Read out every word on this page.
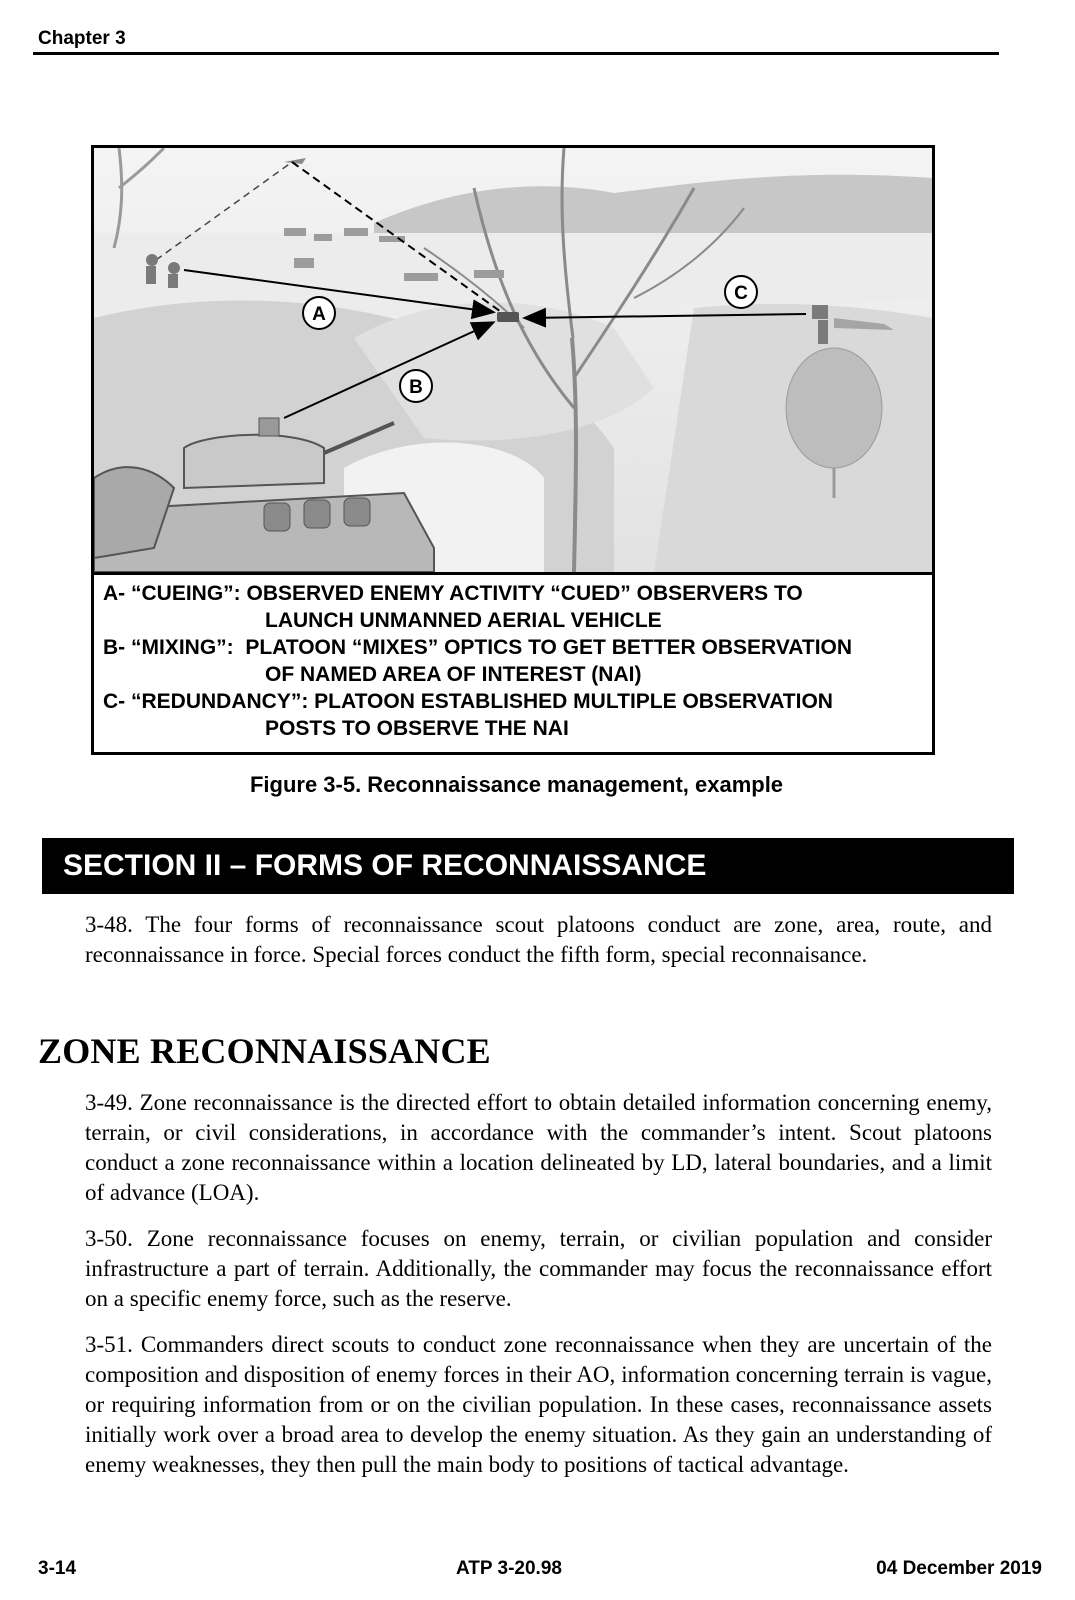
Chapter 3
A
B
C
A- “CUEING”: OBSERVED ENEMY ACTIVITY “CUED” OBSERVERS TO
LAUNCH UNMANNED AERIAL VEHICLE
B- “MIXING”: PLATOON “MIXES” OPTICS TO GET BETTER OBSERVATION
OF NAMED AREA OF INTEREST (NAI)
C- “REDUNDANCY”: PLATOON ESTABLISHED MULTIPLE OBSERVATION
POSTS TO OBSERVE THE NAI
Figure 3-5. Reconnaissance management, example
SECTION II – FORMS OF RECONNAISSANCE
3-48. The four forms of reconnaissance scout platoons conduct are zone, area, route, and reconnaissance in force. Special forces conduct the fifth form, special reconnaisance.
ZONE RECONNAISSANCE
3-49. Zone reconnaissance is the directed effort to obtain detailed information concerning enemy, terrain, or civil considerations, in accordance with the commander’s intent. Scout platoons conduct a zone reconnaissance within a location delineated by LD, lateral boundaries, and a limit of advance (LOA).
3-50. Zone reconnaissance focuses on enemy, terrain, or civilian population and consider infrastructure a part of terrain. Additionally, the commander may focus the reconnaissance effort on a specific enemy force, such as the reserve.
3-51. Commanders direct scouts to conduct zone reconnaissance when they are uncertain of the composition and disposition of enemy forces in their AO, information concerning terrain is vague, or requiring information from or on the civilian population. In these cases, reconnaissance assets initially work over a broad area to develop the enemy situation. As they gain an understanding of enemy weaknesses, they then pull the main body to positions of tactical advantage.
3-14	ATP 3-20.98	04 December 2019
